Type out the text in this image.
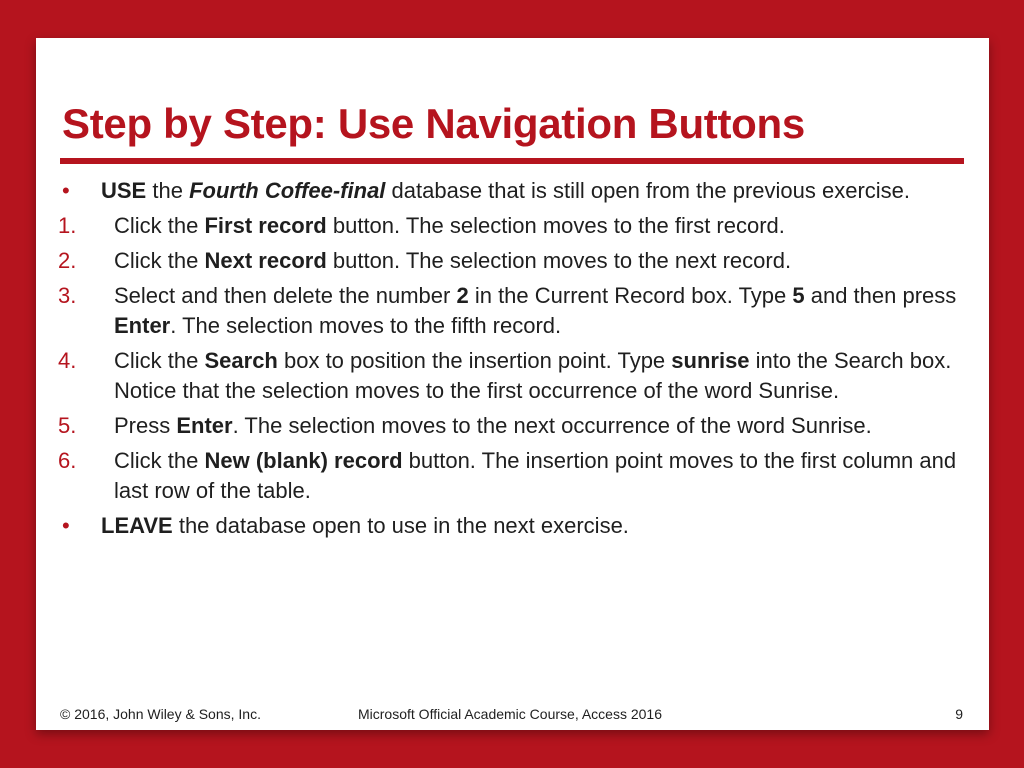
Step by Step: Use Navigation Buttons
• USE the Fourth Coffee-final database that is still open from the previous exercise.
1. Click the First record button. The selection moves to the first record.
2. Click the Next record button. The selection moves to the next record.
3. Select and then delete the number 2 in the Current Record box. Type 5 and then press Enter. The selection moves to the fifth record.
4. Click the Search box to position the insertion point. Type sunrise into the Search box. Notice that the selection moves to the first occurrence of the word Sunrise.
5. Press Enter. The selection moves to the next occurrence of the word Sunrise.
6. Click the New (blank) record button. The insertion point moves to the first column and last row of the table.
• LEAVE the database open to use in the next exercise.
© 2016, John Wiley & Sons, Inc.	Microsoft Official Academic Course, Access 2016	9
